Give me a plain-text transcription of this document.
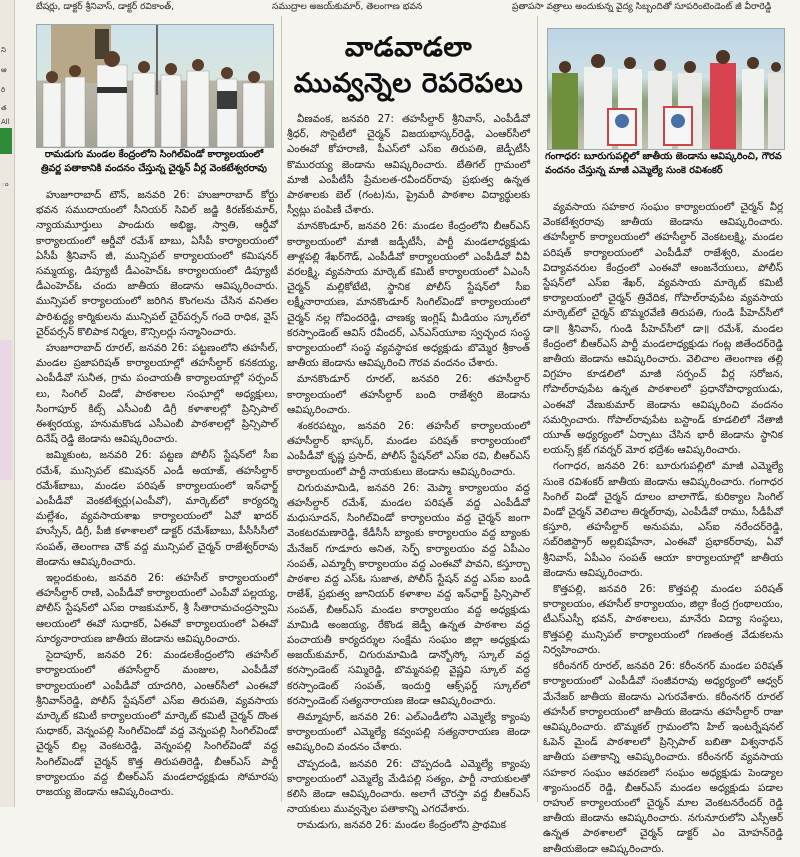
ని
ఆ
రి
త
ం
All
బేషర్లు, డాక్టర్ శ్రీనివాస్, డాక్టర్ రవికాంత్,	సముద్రాల అజయ్‌కుమార్, తెలంగాణ భవన	ప్రతాపసా వత్రాలు అందుకున్న వైద్య సిబ్బందితో సూపరింటెండెంట్ జీ వీరారెడ్డి
రామడుగు మండల కేంద్రంలోని సింగిల్‌విండో కార్యాలయంలో త్రివర్ణ పతాకానికి వందనం చేస్తున్న చైర్మన్ వీర్ల వెంకటేశ్వరరావు
వాడవాడలా
మువ్వన్నెల రెపరెపలు
గంగాధర: బూరుగుపల్లిలో జాతీయ జెండాను ఆవిష్కరించి, గౌరవ వందనం చేస్తున్న మాజీ ఎమ్మెల్యే సుంకె రవిశంకర్

హుజూరాబాద్ టౌన్, జనవరి 26: హుజూరాబాద్ కోర్టు భవన సముదాయంలో సీనియర్ సివిల్ జడ్జి కిరణ్‌కుమార్, న్యాయమూర్తులు పాండురు అభిజ్ఞ, స్వాతి, ఆర్డీవో కార్యాలయంలో ఆర్డీవో రమేశ్ బాబు, ఏసీపీ కార్యాలయంలో ఏసీపీ శ్రీనివాస్ జీ, మున్సిపల్ కార్యాలయంలో కమిషనర్ సమ్మయ్య, డిప్యూటీ డీఎంహెచ్‌ఓ కార్యాలయంలో డిప్యూటీ డీఎంహెచ్‌ఓ చందు జాతీయ జెండాను ఆవిష్కరించారు. మున్సిపల్ కార్యాలయంలో జరిగిన కొంగలను చేసిన వనితల పారిశుద్ధ్య కార్మికులను మున్సిపల్ చైర్‌పర్సన్ గందె రాధిక, వైస్ చైర్‌పర్సన్ కొలిపాక నిర్మల, కౌన్సిలర్లు సన్మానించారు.

హుజూరాబాద్ రూరల్, జనవరి 26: పట్టణంలోని తహసీల్, మండల ప్రజాపరిషత్ కార్యాలయాల్లో తహసీల్దార్ కనకయ్య, ఎంపీడీవో సునీత, గ్రామ పంచాయతీ కార్యాలయాల్లో సర్పంచ్ లు, సింగిల్ విండో, పాఠశాలల సంఘాల్లో అధ్యక్షులు, సింగాపూర్ కిట్స్ ఎసీఎంబీ డిగ్రీ కళాశాలల్లో ప్రిన్సిపాల్ ఈశ్వరయ్య, హనుమకొండ ఎసీఎంబీ పాఠశాలల్లో ప్రిన్సిపాల్ దినేష్ రెడ్డి జెండాను ఆవిష్కరించారు.

జమ్మికుంట, జనవరి 26: పట్టణ పోలీస్ స్టేషన్‌లో సీఐ రమేశ్, మున్సిపల్ కమిషనర్ ఎండీ అయాజ్, తహసీల్దార్ రమేశ్‌బాబు, మండల పరిషత్ కార్యాలయంలో ఇన్‌ఛార్జ్ ఎంపీడీవో వెంకటేశ్వర్లు(ఎంపీవో), మార్కెట్‌లో కార్యదర్శి మల్లేశం, వ్యవసాయశాఖ కార్యాలయంలో ఏవో ఖాదర్ హుస్సేన్, డిగ్రీ, పీజీ కళాశాలలో డాక్టర్ రమేశ్‌బాబు, పీసీసీసీలో సంపత్, తెలంగాణ చౌక్ వద్ద మున్సిపల్ చైర్మన్ రాజేశ్వర్‌రావు జెండాను ఆవిష్కరించారు.

ఇల్లందకుంట, జనవరి 26: తహసీల్ కార్యాలయంలో తహసీల్దార్ రాణి, ఎంపీడీవో కార్యాలయంలో ఎంపీవో పల్లయ్య, పోలీస్ స్టేషన్‌లో ఎస్ఐ రాజకుమార్, శ్రీ సీతారామచంద్రస్వామి ఆలయంలో ఈవో సుధాకర్, ఏఈవో కార్యాలయంలో ఏఈవో సూర్యనారాయణ జాతీయ జెండాను ఆవిష్కరించారు.

సైదాపూర్, జనవరి 26: మండలకేంద్రంలోని తహసీల్ కార్యాలయంలో తహసీల్దార్ మంజుల, ఎంపీడీవో కార్యాలయంలో ఎంపీడీవో యాదగిరి, ఎంఆర్‌సీలో ఎంఈవో శ్రీనివాస్‌రెడ్డి, పోలీస్ స్టేషన్‌లో ఎస్ఐ తిరుపతి, వ్యవసాయ మార్కెట్ కమిటీ కార్యాలయంలో మార్కెట్ కమిటీ చైర్మన్ దొంత సుధాకర్, వెన్నంపల్లి సింగిల్‌విండో వద్ద వెన్నంపల్లి సింగిల్‌విండో చైర్మన్ బిల్ల వెంకటరెడ్డి, వెన్నంపల్లి సింగిల్‌విండో వద్ద సింగిల్‌విండో చైర్మన్ కొత్త తిరుపతిరెడ్డి, బీఆర్ఎస్ పార్టీ కార్యాలయం వద్ద బీఆర్ఎస్ మండలాధ్యక్షుడు సోమారపు రాజయ్య జెండాను ఆవిష్కరించారు.

వీణవంక, జనవరి 27: తహసీల్దార్ శ్రీనివాస్, ఎంపీడీవో శ్రీధర్, సొసైటీలో చైర్మన్ విజయభాస్కర్‌రెడ్డి, ఎంఆర్‌సీలో ఎంఈవో కోహరాణి, పీఎస్‌లో ఎస్ఐ తిరుపతి, జెడ్పీటీసీ కొమురయ్య జెండాను ఆవిష్కరించారు. బేతిగల్ గ్రామంలో మాజీ ఎంపీటీసీ ప్రేమలత-రవీందర్‌రావు ప్రభుత్వ ఉన్నత పాఠశాలకు బెల్ (గంట)ను, ప్రైమరీ పాఠశాల విద్యార్థులకు స్వీట్లు పంపిణీ చేశారు.

మానకొండూర్, జనవరి 26: మండల కేంద్రంలోని బీఆర్ఎస్ కార్యాలయంలో మాజీ జడ్పీటీసీ, పార్టీ మండలాధ్యక్షుడు తాళ్లపల్లి శేఖర్‌గౌడ్, ఎంపీడీవో కార్యాలయంలో ఎంపీడీవో వీవీ వరలక్ష్మి, వ్యవసాయ మార్కెట్ కమిటీ కార్యాలయంలో ఏఎంసీ చైర్మన్ మల్లికోటేటి, స్థానిక పోలీస్ స్టేషన్‌లో సీఐ లక్ష్మీనారాయణ, మానకొండూర్ సింగిల్‌విండో కార్యాలయంలో చైర్మన్ నల్ల గోవిందరెడ్డి, చాణక్య ఇంగ్లిష్ మీడియం స్కూల్‌లో కరస్పాండెంట్ ఆవిస్ రవీందర్, ఎన్‌ఎస్‌యూఐ స్వచ్ఛంద సంస్థ కార్యాలయంలో సంస్థ వ్యవస్థాపక అధ్యక్షుడు బొమ్మెర శ్రీకాంత్ జాతీయ జెండాను ఆవిష్కరించి గౌరవ వందనం చేశారు.

మానకొండూర్ రూరల్, జనవరి 26: తహసీల్దార్ కార్యాలయంలో తహసీల్దార్ బంది రాజేశ్వరి జెండాను ఆవిష్కరించారు.

శంకరపట్నం, జనవరి 26: తహసీల్ కార్యాలయంలో తహసీల్దార్ భాస్కర్, మండల పరిషత్ కార్యాలయంలో ఎంపీడీవో కృష్ణ ప్రసాద్, పోలీస్ స్టేషన్‌లో ఎస్ఐ రవి, బీఆర్ఎస్ కార్యాలయంలో పార్టీ నాయకులు జెండాను ఆవిష్కరించారు.

చిగురుమామిడి, జనవరి 26: మెప్మా కార్యాలయం వద్ద తహసీల్దార్ రమేశ్, మండల పరిషత్ వద్ద ఎంపీడీవో మధుసూదన్, సింగిల్‌విండో కార్యాలయం వద్ద చైర్మన్ జంగా వెంకటరమణారెడ్డి, కేడీసీసీ బ్యాంకు కార్యాలయం వద్ద బ్యాంకు మేనేజర్ గూడూరు అనిత, సెర్ఫ్ కార్యాలయం వద్ద ఏపీఎం సంపత్, ఎమ్మార్సీ కార్యాలయం వద్ద ఎంఈవో పావని, కస్తూర్బా పాఠశాల వద్ద ఎస్‌ఓ సుజాత, పోలీస్ స్టేషన్ వద్ద ఎస్ఐ బండి రాజేశ్, ప్రభుత్వ జూనియర్ కళాశాల వద్ద ఇన్‌ఛార్జ్ ప్రిన్సిపాల్ సంపత్, బీఆర్ఎస్ మండల కార్యాలయం వద్ద అధ్యక్షుడు మామిడి అంజయ్య, రేకొండ జెడ్పీ ఉన్నత పాఠశాల వద్ద పంచాయతీ కార్యదర్శుల సంక్షేమ సంఘం జిల్లా అధ్యక్షుడు అజయ్‌కుమార్, చిగురుమామిడి డాన్బోస్కో స్కూల్ వద్ద కరస్పాండెంట్ సమ్మిరెడ్డి, బొమ్మనపల్లి వైష్ణవి స్కూల్ వద్ద కరస్పాండెంట్ సంపత్, ఇందుర్తి ఆక్స్‌ఫర్డ్ స్కూల్‌లో కరస్పాండెంట్ సత్యనారాయణ జెండా ఆవిష్కరించారు.

తిమ్మాపూర్, జనవరి 26: ఎల్ఎండీలోని ఎమ్మెల్యే క్యాంపు కార్యాలయంలో ఎమ్మెల్యే కవ్వంపల్లి సత్యనారాయణ జెండా ఆవిష్కరించి వందనం చేశారు.

చొప్పదండి, జనవరి 26: చొప్పదండి ఎమ్మెల్యే క్యాంపు కార్యాలయంలో ఎమ్మెల్యే మేడిపల్లి సత్యం, పార్టీ నాయకులతో కలిసి జెండా ఆవిష్కరించారు. అలాగే చౌరస్తా వద్ద బీఆర్ఎస్ నాయకులు మువ్వన్నెల పతాకాన్ని ఎగరవేశారు.

రామడుగు, జనవరి 26: మండల కేంద్రంలోని ప్రాథమిక

వ్యవసాయ సహకార సంఘం కార్యాలయంలో చైర్మన్ వీర్ల వెంకటేశ్వరరావు జాతీయ జెండాను ఆవిష్కరించారు. తహసీల్దార్ కార్యాలయంలో తహసీల్దార్ వెంకటలక్ష్మి, మండల పరిషత్ కార్యాలయంలో ఎంపీడీవో రాజేశ్వరి, మండల విద్యావనరుల కేంద్రంలో ఎంఈవో ఆంజనేయులు, పోలీస్ స్టేషన్‌లో ఎస్ఐ శేఖర్, వ్యవసాయ మార్కెట్ కమిటీ కార్యాలయంలో చైర్మన్ త్రివేదిక, గోపాల్‌రావుపేట వ్యవసాయ మార్కెట్‌లో చైర్మన్ బొమ్మరవేణి తిరుపతి, గుండి పీహెచ్‌సీలో డా॥ శ్రీనివాస్, గుండి పీహెచ్‌సీలో డా॥ రమేశ్, మండల కేంద్రంలో బీఆర్ఎస్ పార్టీ మండలాధ్యక్షుడు గంట్ల జితేందర్‌రెడ్డి జాతీయ జెండాను ఆవిష్కరించారు. వెలిచాల తెలంగాణ తల్లి విగ్రహం కూడలిలో మాజీ సర్పంచ్ వీర్ల సరోజన, గోపాల్‌రావుపేట ఉన్నత పాఠశాలలో ప్రధానోపాధ్యాయుడు, ఎంఈవో వేణుకుమార్ జెండాను ఆవిష్కరించి వందనం సమర్పించారు. గోపాల్‌రావుపేట బస్టాండ్ కూడలిలో నేతాజీ యూత్ అధ్యర్యంలో ఏర్పాటు చేసిన భారీ జెండాను స్థానిక లయన్స్ క్లబ్ గవర్నర్ మోర భద్రేశం ఆవిష్కరించారు.

గంగాధర, జనవరి 26: బూరుగుపల్లిలో మాజీ ఎమ్మెల్యే సుంకె రవిశంకర్ జాతీయ జెండాను ఆవిష్కరించారు. గంగాధర సింగిల్ విండో చైర్మన్ దూలం బాలాగౌడ్, కురిక్యాల సింగిల్ విండో చైర్మన్ వెలిచాల తిర్మల్‌రావు, ఎంపీడీవో రాము, సీడీపీవో కస్తూరి, తహసీల్దార్ అనుపమ, ఎస్ఐ నరేందర్‌రెడ్డి, సబ్‌రిజిస్ట్రార్ అల్లబిషహేనా, ఎంఈవో ప్రభాకర్‌రావు, ఏవో శ్రీనివాస్, ఏపీఎం సంపత్ ఆయా కార్యాలయాల్లో జాతీయ జెండాను ఆవిష్కరించారు.

కొత్తపల్లి, జనవరి 26: కొత్తపల్లి మండల పరిషత్ కార్యాలయం, తహసీల్ కార్యాలయం, జిల్లా కేంద్ర గ్రంథాలయం, టీఎస్ఎస్పీ భవన్, పాఠశాలలు, మానేరు విద్యా సంస్థలు, కొత్తపల్లి మున్సిపల్ కార్యాలయంలో గణతంత్ర వేడుకలను నిర్వహించారు.

కరీంనగర్ రూరల్, జనవరి 26: కరీంనగర్ మండల పరిషత్ కార్యాలయంలో ఎంపీడీవో సంజీవరావు అధ్యర్యంలో ఆధ్వర్ మేనేజర్ జాతీయ జెండాను ఎగురవేశారు. కరీంనగర్ రూరల్ తహసీల్ కార్యాలయంలో జాతీయ జెండాను తహసీల్దార్ రాజు ఆవిష్కరించారు. బొమ్మకల్ గ్రామంలోని హిల్ ఇంటర్నేషనల్ ఓపెన్ మైండ్ పాఠశాలలో ప్రిన్సిపాల్ బబితా విశ్వనాథన్ జాతీయ పతాకాన్ని ఆవిష్కరించారు. కరీంనగర్ వ్యవసాయ సహకార సంఘం ఆవరణలో సంఘం అధ్యక్షుడు పెండ్యాల శ్యాంసుందర్ రెడ్డి, బీఆర్‌ఎస్ మండల అధ్యక్షుడు పడాల రాహుల్ కార్యాలయంలో చైర్మన్ మాల వెంకటనరేందర్ రెడ్డి జాతీయ జెండాను ఆవిష్కరించారు. నగునూరులోని ఎస్సీఆర్ ఉన్నత పాఠశాలలో చైర్మన్ డాక్టర్ ఎం మోహన్‌రెడ్డి జాతీయజెండా ఆవిష్కరించారు.
